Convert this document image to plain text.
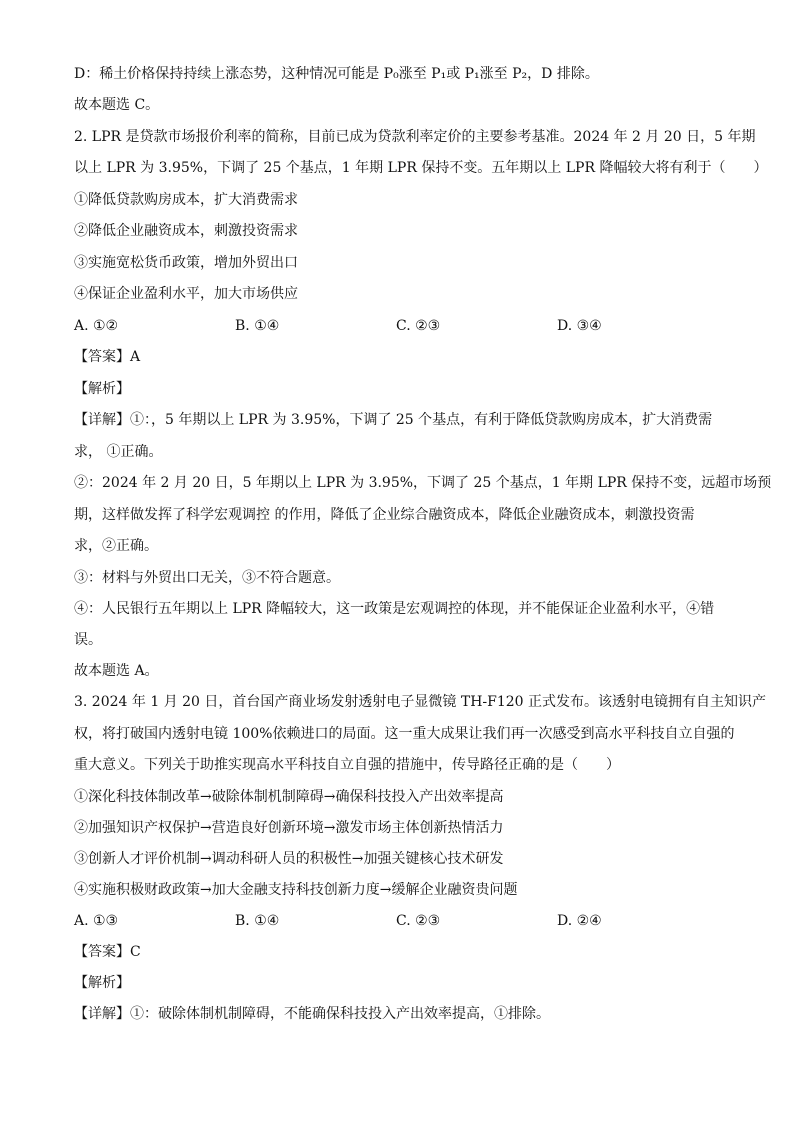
D：稀土价格保持持续上涨态势，这种情况可能是 P₀涨至 P₁或 P₁涨至 P₂，D 排除。
故本题选 C。
2. LPR 是贷款市场报价利率的简称，目前已成为贷款利率定价的主要参考基准。2024 年 2 月 20 日，5 年期
以上 LPR 为 3.95%，下调了 25 个基点，1 年期 LPR 保持不变。五年期以上 LPR 降幅较大将有利于（　　）
①降低贷款购房成本，扩大消费需求
②降低企业融资成本，刺激投资需求
③实施宽松货币政策，增加外贸出口
④保证企业盈利水平，加大市场供应
A. ①②	B. ①④	C. ②③	D. ③④
【答案】A
【解析】
【详解】①：，5 年期以上 LPR 为 3.95%，下调了 25 个基点，有利于降低贷款购房成本，扩大消费需
求， ①正确。
②：2024 年 2 月 20 日，5 年期以上 LPR 为 3.95%，下调了 25 个基点，1 年期 LPR 保持不变，远超市场预
期，这样做发挥了科学宏观调控 的作用，降低了企业综合融资成本，降低企业融资成本，刺激投资需
求，②正确。
③：材料与外贸出口无关，③不符合题意。
④：人民银行五年期以上 LPR 降幅较大，这一政策是宏观调控的体现，并不能保证企业盈利水平，④错
误。
故本题选 A。
3. 2024 年 1 月 20 日，首台国产商业场发射透射电子显微镜 TH-F120 正式发布。该透射电镜拥有自主知识产
权，将打破国内透射电镜 100%依赖进口的局面。这一重大成果让我们再一次感受到高水平科技自立自强的
重大意义。下列关于助推实现高水平科技自立自强的措施中，传导路径正确的是（　　）
①深化科技体制改革→破除体制机制障碍→确保科技投入产出效率提高
②加强知识产权保护→营造良好创新环境→激发市场主体创新热情活力
③创新人才评价机制→调动科研人员的积极性→加强关键核心技术研发
④实施积极财政政策→加大金融支持科技创新力度→缓解企业融资贵问题
A. ①③	B. ①④	C. ②③	D. ②④
【答案】C
【解析】
【详解】①：破除体制机制障碍，不能确保科技投入产出效率提高，①排除。
